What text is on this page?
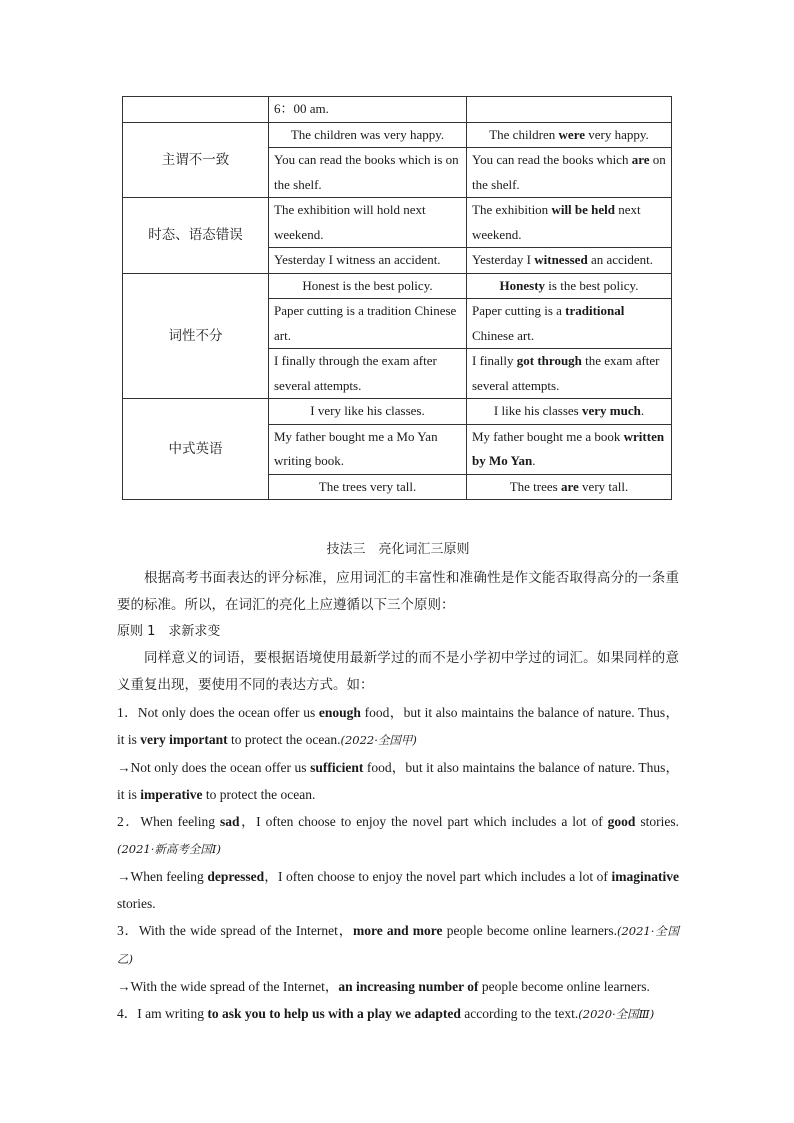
	6：00 am.	
主谓不一致	The children was very happy.	The children were very happy.
	You can read the books which is on the shelf.	You can read the books which are on the shelf.
时态、语态错误	The exhibition will hold next weekend.	The exhibition will be held next weekend.
	Yesterday I witness an accident.	Yesterday I witnessed an accident.
词性不分	Honest is the best policy.	Honesty is the best policy.
	Paper cutting is a tradition Chinese art.	Paper cutting is a traditional Chinese art.
	I finally through the exam after several attempts.	I finally got through the exam after several attempts.
中式英语	I very like his classes.	I like his classes very much.
	My father bought me a Mo Yan writing book.	My father bought me a book written by Mo Yan.
	The trees very tall.	The trees are very tall.
技法三　亮化词汇三原则

根据高考书面表达的评分标准，应用词汇的丰富性和准确性是作文能否取得高分的一条重要的标准。所以，在词汇的亮化上应遵循以下三个原则：

原则 1　求新求变

同样意义的词语，要根据语境使用最新学过的而不是小学初中学过的词汇。如果同样的意义重复出现，要使用不同的表达方式。如：

1．Not only does the ocean offer us enough food，but it also maintains the balance of nature. Thus，it is very important to protect the ocean.(2022·全国甲)

→Not only does the ocean offer us sufficient food，but it also maintains the balance of nature. Thus，it is imperative to protect the ocean.

2．When feeling sad，I often choose to enjoy the novel part which includes a lot of good stories.(2021·新高考全国Ⅰ)

→When feeling depressed，I often choose to enjoy the novel part which includes a lot of imaginative stories.

3．With the wide spread of the Internet，more and more people become online learners.(2021·全国乙)

→With the wide spread of the Internet，an increasing number of people become online learners.

4．I am writing to ask you to help us with a play we adapted according to the text.(2020·全国Ⅲ)
